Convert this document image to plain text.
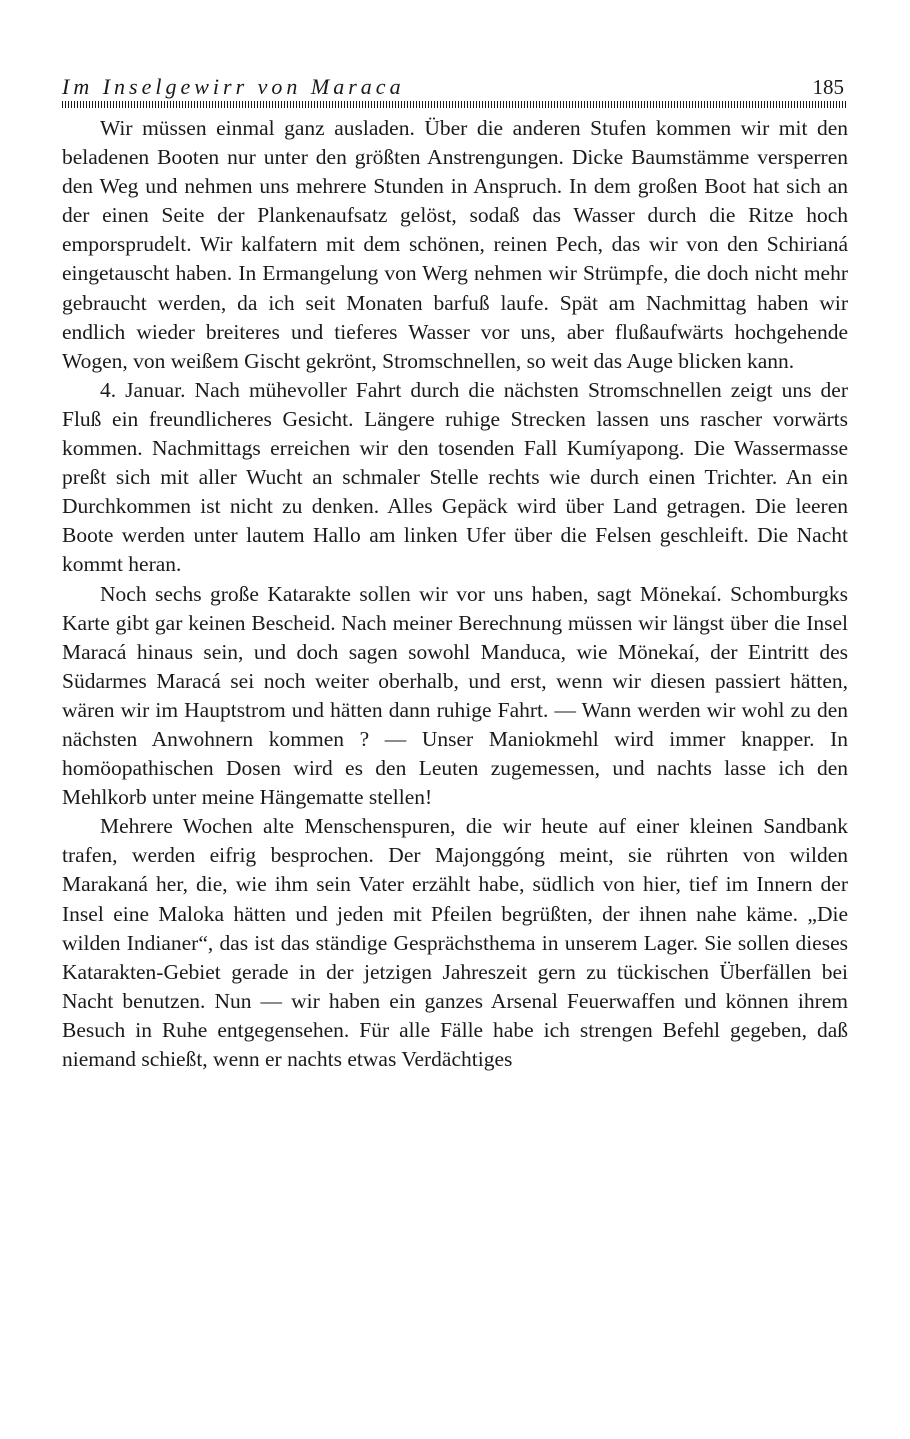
Im Inselgewirr von Maraca	185

Wir müssen einmal ganz ausladen. Über die anderen Stufen kommen wir mit den beladenen Booten nur unter den größten Anstrengungen. Dicke Baumstämme versperren den Weg und nehmen uns mehrere Stunden in Anspruch. In dem großen Boot hat sich an der einen Seite der Plankenaufsatz gelöst, sodaß das Wasser durch die Ritze hoch emporsprudelt. Wir kalfatern mit dem schönen, reinen Pech, das wir von den Schirianá eingetauscht haben. In Ermangelung von Werg nehmen wir Strümpfe, die doch nicht mehr gebraucht werden, da ich seit Monaten barfuß laufe. Spät am Nachmittag haben wir endlich wieder breiteres und tieferes Wasser vor uns, aber flußaufwärts hochgehende Wogen, von weißem Gischt gekrönt, Stromschnellen, so weit das Auge blicken kann.

4. Januar. Nach mühevoller Fahrt durch die nächsten Stromschnellen zeigt uns der Fluß ein freundlicheres Gesicht. Längere ruhige Strecken lassen uns rascher vorwärts kommen. Nachmittags erreichen wir den tosenden Fall Kumíyapong. Die Wassermasse preßt sich mit aller Wucht an schmaler Stelle rechts wie durch einen Trichter. An ein Durchkommen ist nicht zu denken. Alles Gepäck wird über Land getragen. Die leeren Boote werden unter lautem Hallo am linken Ufer über die Felsen geschleift. Die Nacht kommt heran.

Noch sechs große Katarakte sollen wir vor uns haben, sagt Mönekaí. Schomburgks Karte gibt gar keinen Bescheid. Nach meiner Berechnung müssen wir längst über die Insel Maracá hinaus sein, und doch sagen sowohl Manduca, wie Mönekaí, der Eintritt des Südarmes Maracá sei noch weiter oberhalb, und erst, wenn wir diesen passiert hätten, wären wir im Hauptstrom und hätten dann ruhige Fahrt. — Wann werden wir wohl zu den nächsten Anwohnern kommen ? — Unser Maniokmehl wird immer knapper. In homöopathischen Dosen wird es den Leuten zugemessen, und nachts lasse ich den Mehlkorb unter meine Hängematte stellen!

Mehrere Wochen alte Menschenspuren, die wir heute auf einer kleinen Sandbank trafen, werden eifrig besprochen. Der Majonggóng meint, sie rührten von wilden Marakaná her, die, wie ihm sein Vater erzählt habe, südlich von hier, tief im Innern der Insel eine Maloka hätten und jeden mit Pfeilen begrüßten, der ihnen nahe käme. „Die wilden Indianer“, das ist das ständige Gesprächsthema in unserem Lager. Sie sollen dieses Katarakten-Gebiet gerade in der jetzigen Jahreszeit gern zu tückischen Überfällen bei Nacht benutzen. Nun — wir haben ein ganzes Arsenal Feuerwaffen und können ihrem Besuch in Ruhe entgegensehen. Für alle Fälle habe ich strengen Befehl gegeben, daß niemand schießt, wenn er nachts etwas Verdächtiges
